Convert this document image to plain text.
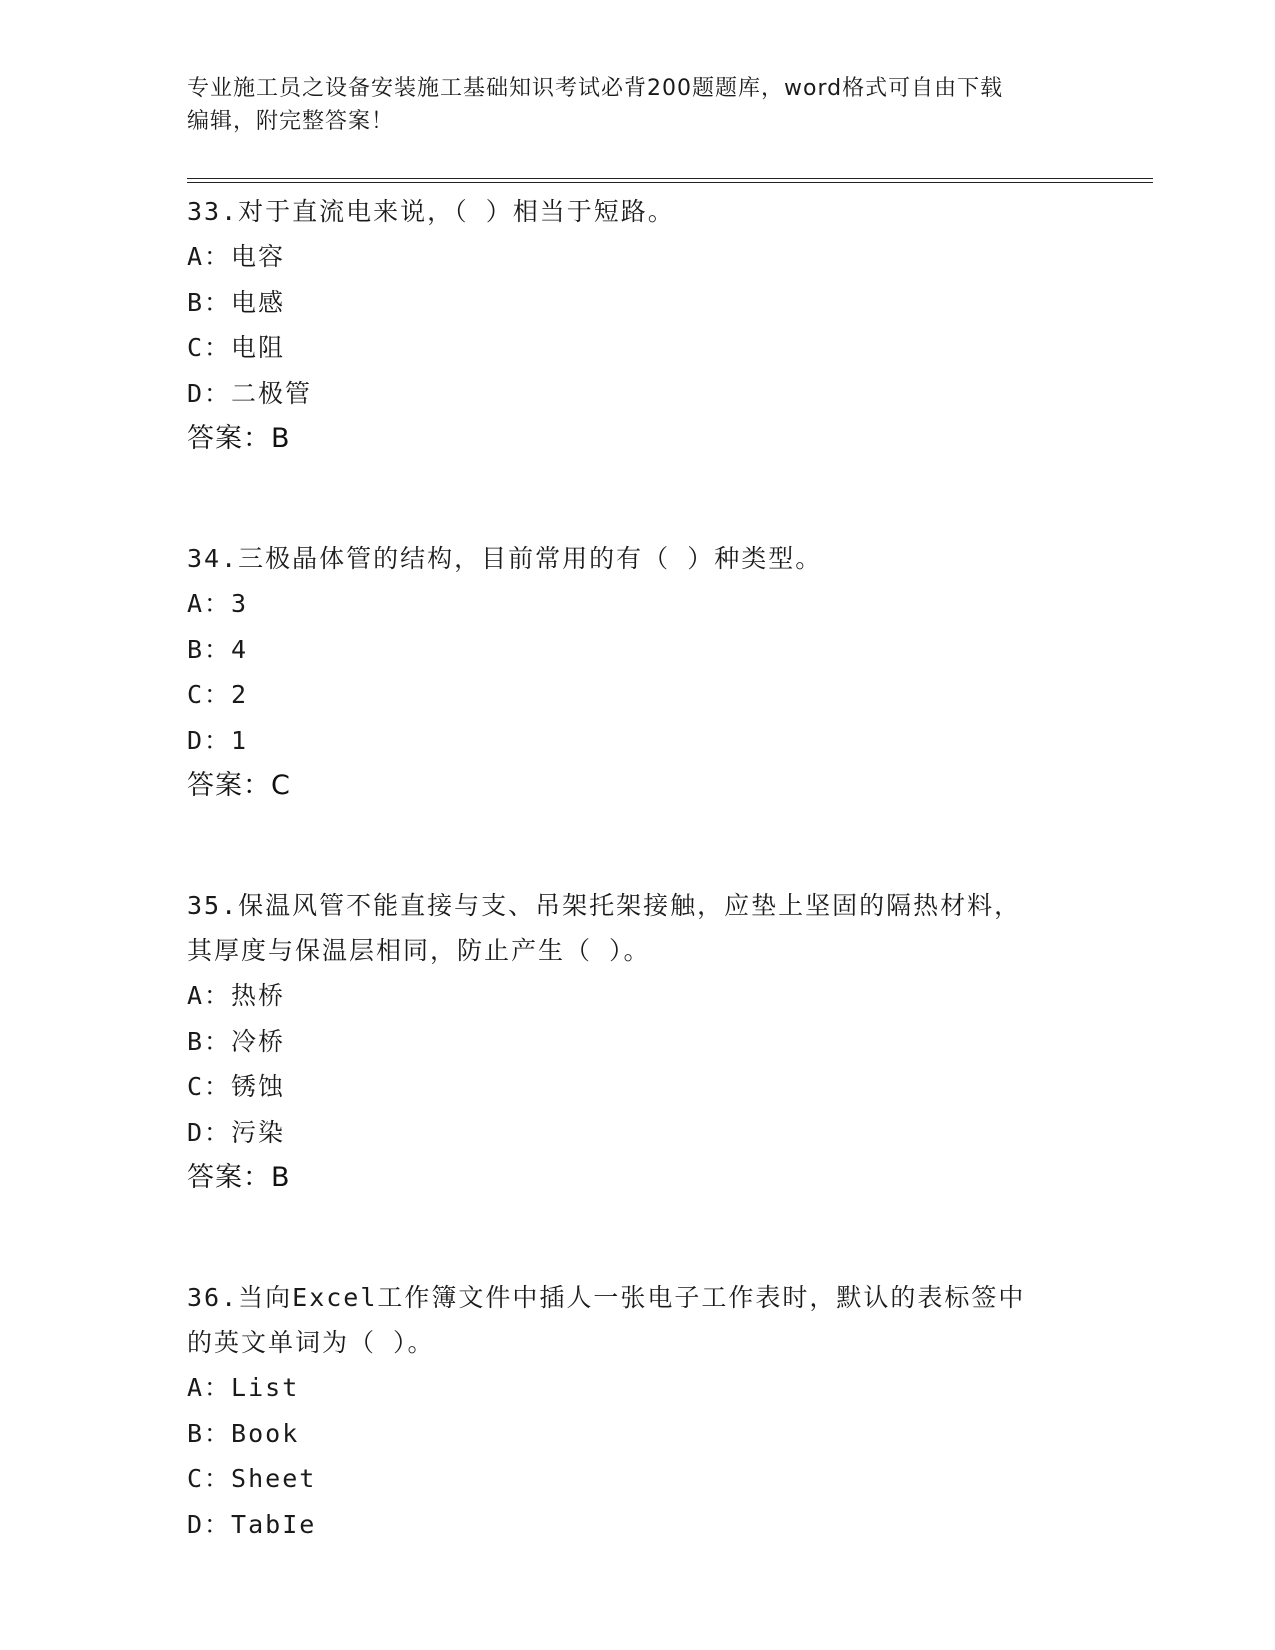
专业施工员之设备安装施工基础知识考试必背200题题库，word格式可自由下载
编辑，附完整答案！
33.对于直流电来说，（ ）相当于短路。
A：电容
B：电感
C：电阻
D：二极管
答案：B
34.三极晶体管的结构，目前常用的有（ ）种类型。
A：3
B：4
C：2
D：1
答案：C
35.保温风管不能直接与支、吊架托架接触，应垫上坚固的隔热材料，
其厚度与保温层相同，防止产生（ ）。
A：热桥
B：冷桥
C：锈蚀
D：污染
答案：B
36.当向Excel工作簿文件中插人一张电子工作表时，默认的表标签中
的英文单词为（ ）。
A：List
B：Book
C：Sheet
D：TabIe
